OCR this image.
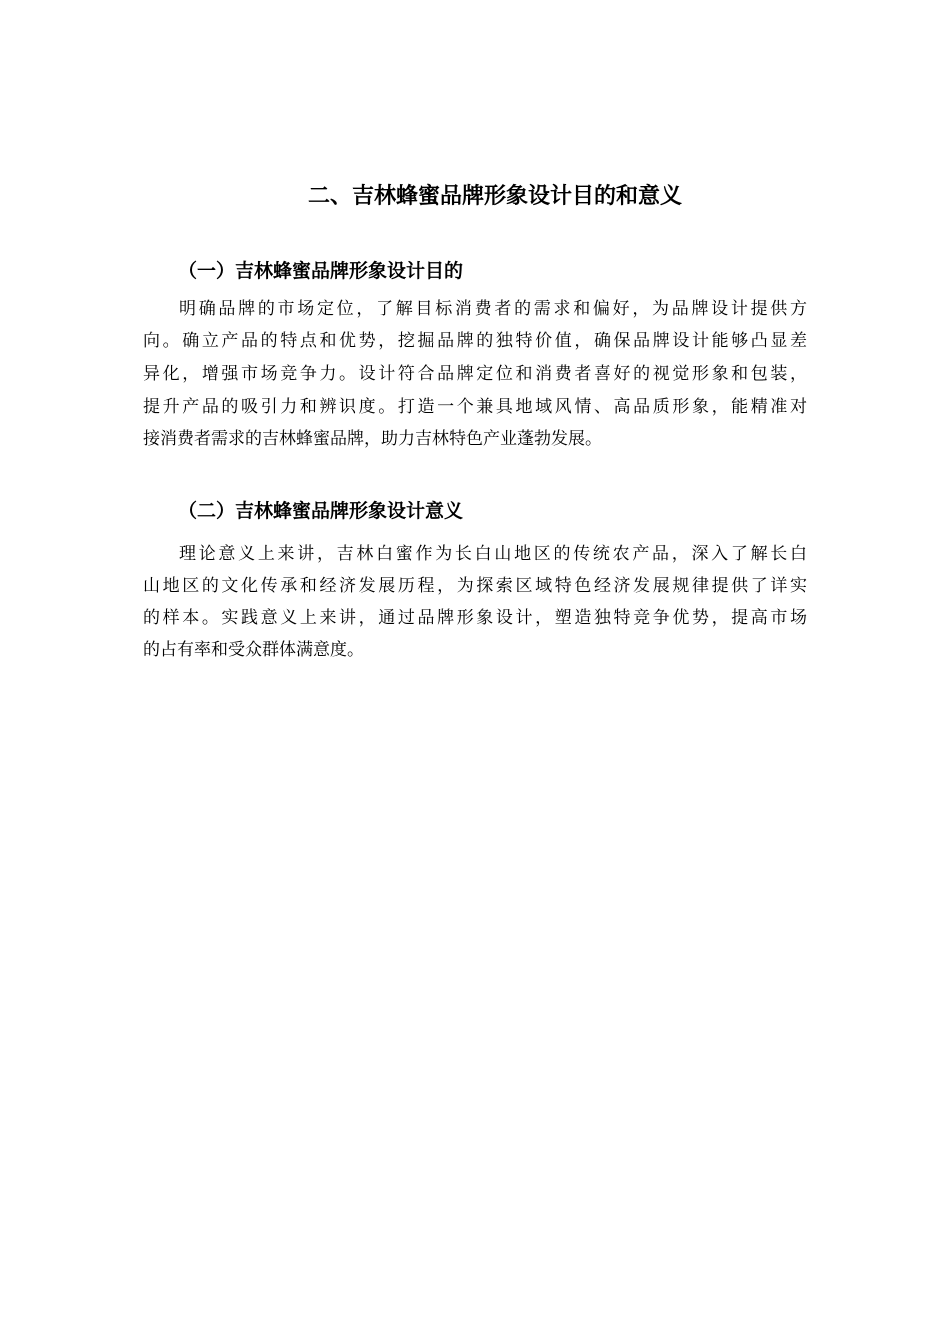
二、吉林蜂蜜品牌形象设计目的和意义
（一）吉林蜂蜜品牌形象设计目的
明确品牌的市场定位，了解目标消费者的需求和偏好，为品牌设计提供方
向。确立产品的特点和优势，挖掘品牌的独特价值，确保品牌设计能够凸显差
异化，增强市场竞争力。设计符合品牌定位和消费者喜好的视觉形象和包装，
提升产品的吸引力和辨识度。打造一个兼具地域风情、高品质形象，能精准对
接消费者需求的吉林蜂蜜品牌，助力吉林特色产业蓬勃发展。
（二）吉林蜂蜜品牌形象设计意义
理论意义上来讲，吉林白蜜作为长白山地区的传统农产品，深入了解长白
山地区的文化传承和经济发展历程，为探索区域特色经济发展规律提供了详实
的样本。实践意义上来讲，通过品牌形象设计，塑造独特竞争优势，提高市场
的占有率和受众群体满意度。
